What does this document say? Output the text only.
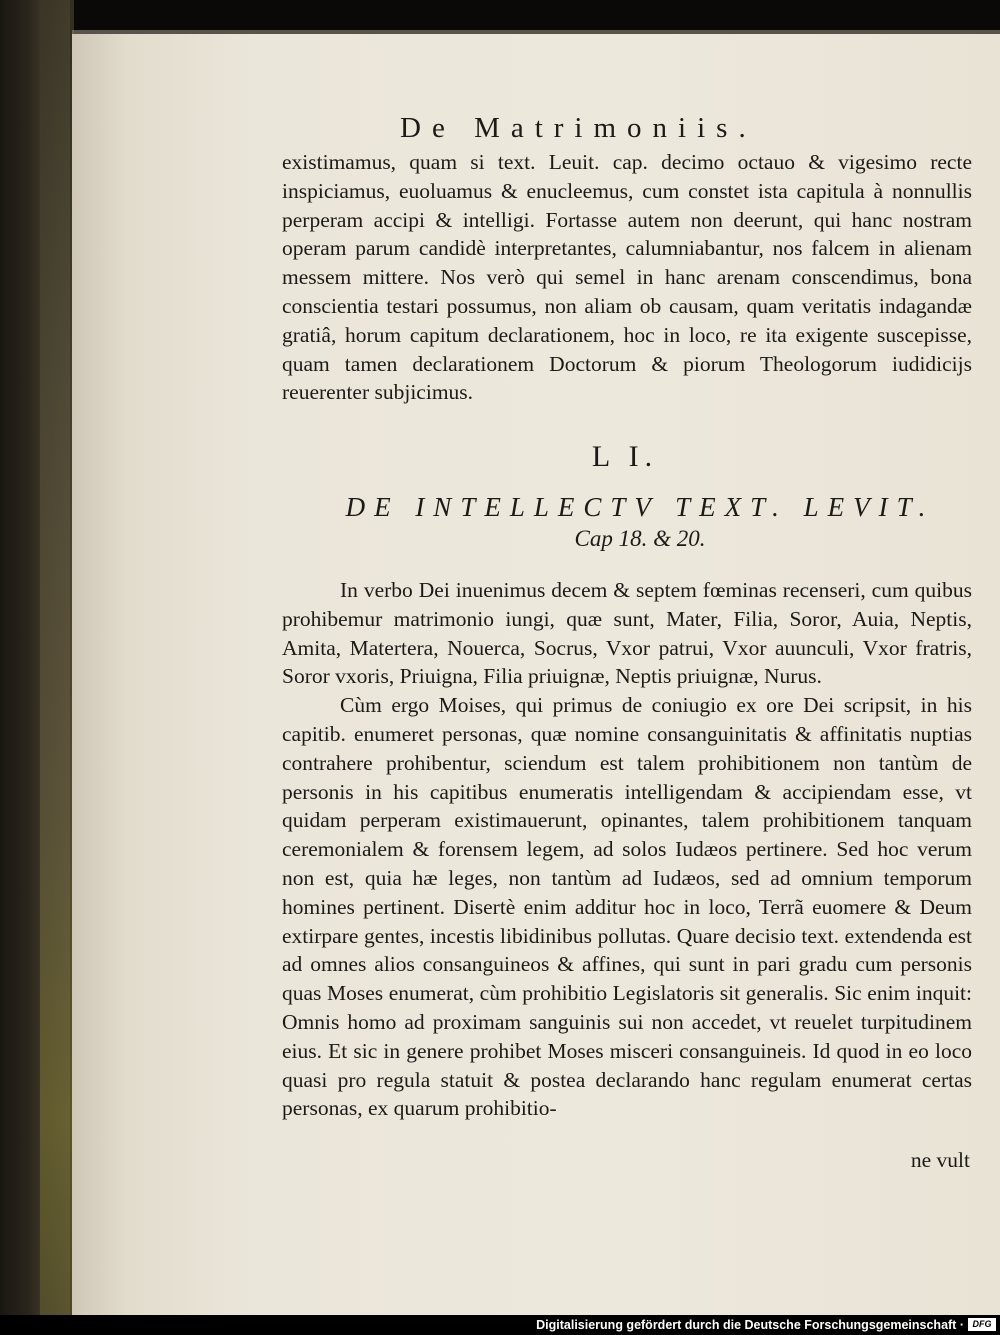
De Matrimoniis.
existimamus, quam si text. Leuit. cap. decimo octauo & vigesimo recte inspiciamus, euoluamus & enucleemus, cum constet ista capitula à nonnullis perperam accipi & intelligi. Fortasse autem non deerunt, qui hanc nostram operam parum candidè interpretantes, calumniabantur, nos falcem in alienam messem mittere. Nos verò qui semel in hanc arenam conscendimus, bona conscientia testari possumus, non aliam ob causam, quam veritatis indagandæ gratiâ, horum capitum declarationem, hoc in loco, re ita exigente suscepisse, quam tamen declarationem Doctorum & piorum Theologorum iudidicijs reuerenter subjicimus.
L I.
DE INTELLECTV TEXT. LEVIT.
Cap 18. & 20.
In verbo Dei inuenimus decem & septem fœminas recenseri, cum quibus prohibemur matrimonio iungi, quæ sunt, Mater, Filia, Soror, Auia, Neptis, Amita, Matertera, Nouerca, Socrus, Vxor patrui, Vxor auunculi, Vxor fratris, Soror vxoris, Priuigna, Filia priuignæ, Neptis priuignæ, Nurus.
Cùm ergo Moises, qui primus de coniugio ex ore Dei scripsit, in his capitib. enumeret personas, quæ nomine consanguinitatis & affinitatis nuptias contrahere prohibentur, sciendum est talem prohibitionem non tantùm de personis in his capitibus enumeratis intelligendam & accipiendam esse, vt quidam perperam existimauerunt, opinantes, talem prohibitionem tanquam ceremonialem & forensem legem, ad solos Iudæos pertinere. Sed hoc verum non est, quia hæ leges, non tantùm ad Iudæos, sed ad omnium temporum homines pertinent. Disertè enim additur hoc in loco, Terrã euomere & Deum extirpare gentes, incestis libidinibus pollutas. Quare decisio text. extendenda est ad omnes alios consanguineos & affines, qui sunt in pari gradu cum personis quas Moses enumerat, cùm prohibitio Legislatoris sit generalis. Sic enim inquit: Omnis homo ad proximam sanguinis sui non accedet, vt reuelet turpitudinem eius. Et sic in genere prohibet Moses misceri consanguineis. Id quod in eo loco quasi pro regula statuit & postea declarando hanc regulam enumerat certas personas, ex quarum prohibitio-
ne vult
Digitalisierung gefördert durch die Deutsche Forschungsgemeinschaft · DFG
